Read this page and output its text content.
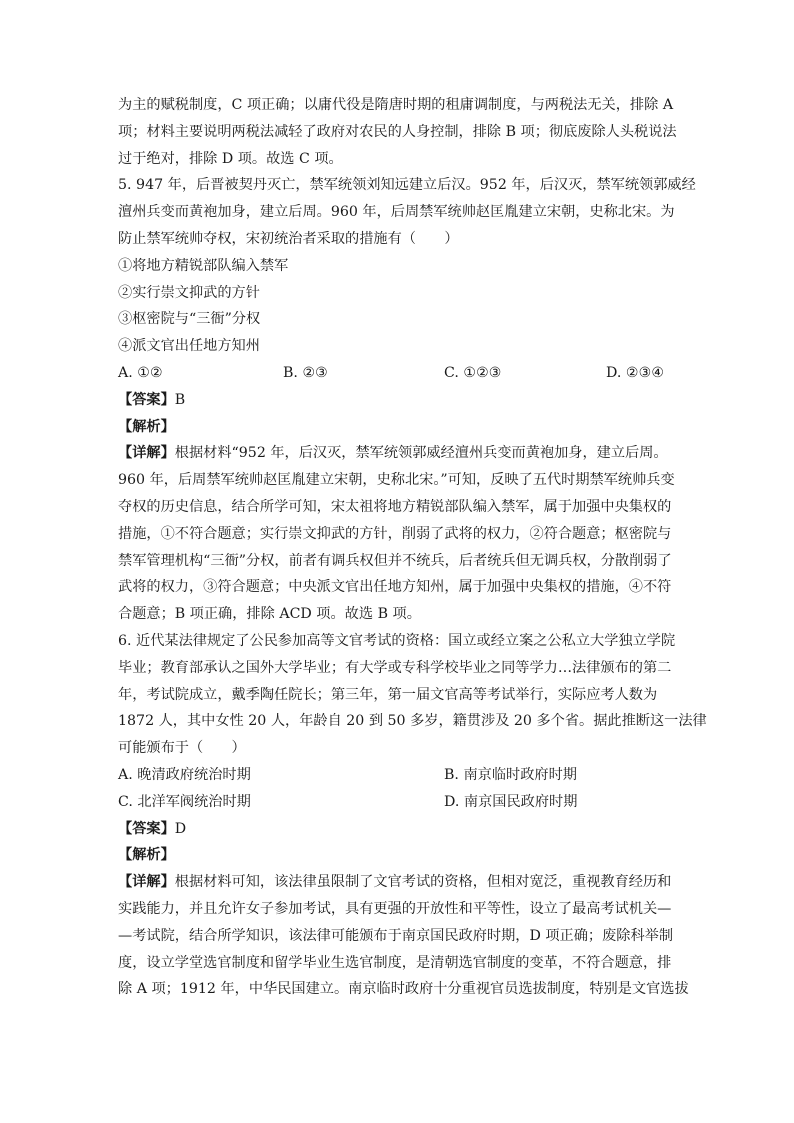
为主的赋税制度，C 项正确；以庸代役是隋唐时期的租庸调制度，与两税法无关，排除 A
项；材料主要说明两税法减轻了政府对农民的人身控制，排除 B 项；彻底废除人头税说法
过于绝对，排除 D 项。故选 C 项。
5. 947 年，后晋被契丹灭亡，禁军统领刘知远建立后汉。952 年，后汉灭，禁军统领郭威经
澶州兵变而黄袍加身，建立后周。960 年，后周禁军统帅赵匡胤建立宋朝，史称北宋。为
防止禁军统帅夺权，宋初统治者采取的措施有（　　）
①将地方精锐部队编入禁军
②实行崇文抑武的方针
③枢密院与“三衙”分权
④派文官出任地方知州
A. ①②	B. ②③	C. ①②③	D. ②③④
【答案】B
【解析】
【详解】根据材料“952 年，后汉灭，禁军统领郭威经澶州兵变而黄袍加身，建立后周。
960 年，后周禁军统帅赵匡胤建立宋朝，史称北宋。”可知，反映了五代时期禁军统帅兵变
夺权的历史信息，结合所学可知，宋太祖将地方精锐部队编入禁军，属于加强中央集权的
措施，①不符合题意；实行崇文抑武的方针，削弱了武将的权力，②符合题意；枢密院与
禁军管理机构“三衙”分权，前者有调兵权但并不统兵，后者统兵但无调兵权，分散削弱了
武将的权力，③符合题意；中央派文官出任地方知州，属于加强中央集权的措施，④不符
合题意；B 项正确，排除 ACD 项。故选 B 项。
6. 近代某法律规定了公民参加高等文官考试的资格：国立或经立案之公私立大学独立学院
毕业；教育部承认之国外大学毕业；有大学或专科学校毕业之同等学力…法律颁布的第二
年，考试院成立，戴季陶任院长；第三年，第一届文官高等考试举行，实际应考人数为
1872 人，其中女性 20 人，年龄自 20 到 50 多岁，籍贯涉及 20 多个省。据此推断这一法律
可能颁布于（　　）
A. 晚清政府统治时期	B. 南京临时政府时期
C. 北洋军阀统治时期	D. 南京国民政府时期
【答案】D
【解析】
【详解】根据材料可知，该法律虽限制了文官考试的资格，但相对宽泛，重视教育经历和
实践能力，并且允许女子参加考试，具有更强的开放性和平等性，设立了最高考试机关—
—考试院，结合所学知识，该法律可能颁布于南京国民政府时期，D 项正确；废除科举制
度，设立学堂选官制度和留学毕业生选官制度，是清朝选官制度的变革，不符合题意，排
除 A 项；1912 年，中华民国建立。南京临时政府十分重视官员选拔制度，特别是文官选拔
